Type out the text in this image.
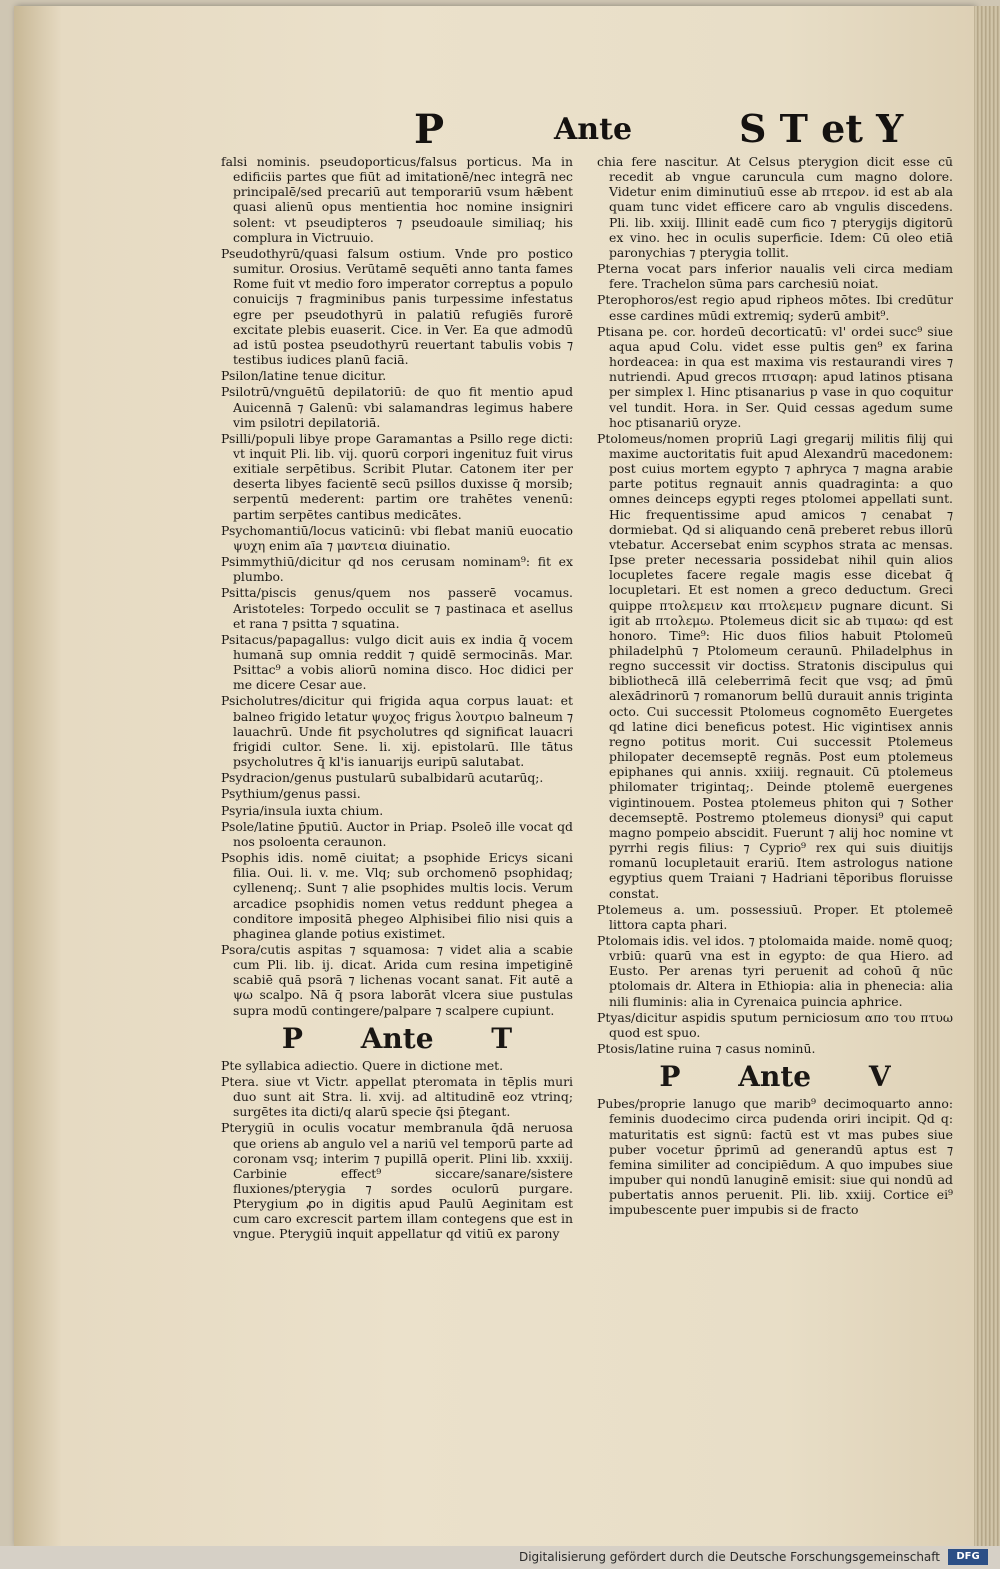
P	Ante	S T et Y

falsi nominis. pseudoporticus/falsus porticus. Ma in edificiis partes que fiūt ad imitationē/nec integrā nec principalē/sed precariū aut temporariū vsum hǣbent quasi alienū opus mentientia hoc nomine insigniri solent: vt pseudipteros ⁊ pseudoaule similiaq; his complura in Victruuio.

Pseudothyrū/quasi falsum ostium. Vnde pro postico sumitur. Orosius. Verūtamē sequēti anno tanta fames Rome fuit vt medio foro imperator correptus a populo conuicijs ⁊ fragminibus panis turpessime infestatus egre per pseudothyrū in palatiū refugiēs furorē excitate plebis euaserit. Cice. in Ver. Ea que admodū ad istū postea pseudothyrū reuertant tabulis vobis ⁊ testibus iudices planū faciā.

Psilon/latine tenue dicitur.

Psilotrū/vnguētū depilatoriū: de quo fit mentio apud Auicennā ⁊ Galenū: vbi salamandras legimus habere vim psilotri depilatoriā.

Psilli/populi libye prope Garamantas a Psillo rege dicti: vt inquit Pli. lib. vij. quorū corpori ingenituz fuit virus exitiale serpētibus. Scribit Plutar. Catonem iter per deserta libyes facientē secū psillos duxisse q̄ morsib; serpentū mederent: partim ore trahētes venenū: partim serpētes cantibus medicātes.

Psychomantiū/locus vaticinū: vbi flebat maniū euocatio ψυχη enim aīa ⁊ μαντεια diuinatio.

Psimmythiū/dicitur qd nos cerusam nominam⁹: fit ex plumbo.

Psitta/piscis genus/quem nos passerē vocamus. Aristoteles: Torpedo occulit se ⁊ pastinaca et asellus et rana ⁊ psitta ⁊ squatina.

Psitacus/papagallus: vulgo dicit auis ex india q̄ vocem humanā sup omnia reddit ⁊ quidē sermocinās. Mar. Psittac⁹ a vobis aliorū nomina disco. Hoc didici per me dicere Cesar aue.

Psicholutres/dicitur qui frigida aqua corpus lauat: et balneo frigido letatur ψυχος frigus λουτριο balneum ⁊ lauachrū. Unde fit psycholutres qd significat lauacri frigidi cultor. Sene. li. xij. epistolarū. Ille tātus psycholutres q̄ kl'is ianuarijs euripū salutabat.

Psydracion/genus pustularū subalbidarū acutarūq;.

Psythium/genus passi.

Psyria/insula iuxta chium.

Psole/latine p̄putiū. Auctor in Priap. Psoleō ille vocat qd nos psoloenta ceraunon.

Psophis idis. nomē ciuitat; a psophide Ericys sicani filia. Oui. li. v. me. Vlq; sub orchomenō psophidaq; cyllenenq;. Sunt ⁊ alie psophides multis locis. Verum arcadice psophidis nomen vetus reddunt phegea a conditore impositā phegeo Alphisibei filio nisi quis a phaginea glande potius existimet.

Psora/cutis aspitas ⁊ squamosa: ⁊ videt alia a scabie cum Pli. lib. ij. dicat. Arida cum resina impetiginē scabiē quā psorā ⁊ lichenas vocant sanat. Fit autē a ψω scalpo. Nā q̄ psora laborāt vlcera siue pustulas supra modū contingere/palpare ⁊ scalpere cupiunt.

P Ante T

Pte syllabica adiectio. Quere in dictione met.

Ptera. siue vt Victr. appellat pteromata in tēplis muri duo sunt ait Stra. li. xvij. ad altitudinē eoz vtrinq; surgētes ita dicti/q alarū specie q̄si p̄tegant.

Pterygiū in oculis vocatur membranula q̄dā neruosa que oriens ab angulo vel a nariū vel temporū parte ad coronam vsq; interim ⁊ pupillā operit. Plini lib. xxxiij. Carbinie effect⁹ siccare/sanare/sistere fluxiones/pterygia ⁊ sordes oculorū purgare. Pterygium ꝓo in digitis apud Paulū Aeginitam est cum caro excrescit partem illam contegens que est in vngue. Pterygiū inquit appellatur qd vitiū ex parony

chia fere nascitur. At Celsus pterygion dicit esse cū recedit ab vngue caruncula cum magno dolore. Videtur enim diminutiuū esse ab πτερον. id est ab ala quam tunc videt efficere caro ab vngulis discedens. Pli. lib. xxiij. Illinit eadē cum fico ⁊ pterygijs digitorū ex vino. hec in oculis superficie. Idem: Cū oleo etiā paronychias ⁊ pterygia tollit.

Pterna vocat pars inferior naualis veli circa mediam fere. Trachelon sūma pars carchesiū noiat.

Pterophoros/est regio apud ripheos mōtes. Ibi credūtur esse cardines mūdi extremiq; syderū ambit⁹.

Ptisana pe. cor. hordeū decorticatū: vl' ordei succ⁹ siue aqua apud Colu. videt esse pultis gen⁹ ex farina hordeacea: in qua est maxima vis restaurandi vires ⁊ nutriendi. Apud grecos πτισαρη: apud latinos ptisana per simplex l. Hinc ptisanarius p vase in quo coquitur vel tundit. Hora. in Ser. Quid cessas agedum sume hoc ptisanariū oryze.

Ptolomeus/nomen propriū Lagi gregarij militis filij qui maxime auctoritatis fuit apud Alexandrū macedonem: post cuius mortem egypto ⁊ aphryca ⁊ magna arabie parte potitus regnauit annis quadraginta: a quo omnes deinceps egypti reges ptolomei appellati sunt. Hic frequentissime apud amicos ⁊ cenabat ⁊ dormiebat. Qd si aliquando cenā preberet rebus illorū vtebatur. Accersebat enim scyphos strata ac mensas. Ipse preter necessaria possidebat nihil quin alios locupletes facere regale magis esse dicebat q̄ locupletari. Et est nomen a greco deductum. Greci quippe πτολεμειν και πτολεμειν pugnare dicunt. Si igit ab πτολεμω. Ptolemeus dicit sic ab τιμαω: qd est honoro. Time⁹: Hic duos filios habuit Ptolomeū philadelphū ⁊ Ptolomeum ceraunū. Philadelphus in regno successit vir doctiss. Stratonis discipulus qui bibliothecā illā celeberrimā fecit que vsq; ad p̄mū alexādrinorū ⁊ romanorum bellū durauit annis triginta octo. Cui successit Ptolomeus cognomēto Euergetes qd latine dici beneficus potest. Hic vigintisex annis regno potitus morit. Cui successit Ptolemeus philopater decemseptē regnās. Post eum ptolemeus epiphanes qui annis. xxiiij. regnauit. Cū ptolemeus philomater trigintaq;. Deinde ptolemē euergenes vigintinouem. Postea ptolemeus phiton qui ⁊ Sother decemseptē. Postremo ptolemeus dionysi⁹ qui caput magno pompeio abscidit. Fuerunt ⁊ alij hoc nomine vt pyrrhi regis filius: ⁊ Cyprio⁹ rex qui suis diuitijs romanū locupletauit erariū. Item astrologus natione egyptius quem Traiani ⁊ Hadriani tēporibus floruisse constat.

Ptolemeus a. um. possessiuū. Proper. Et ptolemeē littora capta phari.

Ptolomais idis. vel idos. ⁊ ptolomaida maide. nomē quoq; vrbiū: quarū vna est in egypto: de qua Hiero. ad Eusto. Per arenas tyri peruenit ad cohoū q̄ nūc ptolomais dr. Altera in Ethiopia: alia in phenecia: alia nili fluminis: alia in Cyrenaica puincia aphrice.

Ptyas/dicitur aspidis sputum perniciosum απο του πτυω quod est spuo.

Ptosis/latine ruina ⁊ casus nominū.

P Ante V

Pubes/proprie lanugo que marib⁹ decimoquarto anno: feminis duodecimo circa pudenda oriri incipit. Qd q: maturitatis est signū: factū est vt mas pubes siue puber vocetur p̄primū ad generandū aptus est ⁊ femina similiter ad concipiēdum. A quo impubes siue impuber qui nondū lanuginē emisit: siue qui nondū ad pubertatis annos peruenit. Pli. lib. xxiij. Cortice ei⁹ impubescente puer impubis si de fracto

Digitalisierung gefördert durch die Deutsche Forschungsgemeinschaft	DFG
